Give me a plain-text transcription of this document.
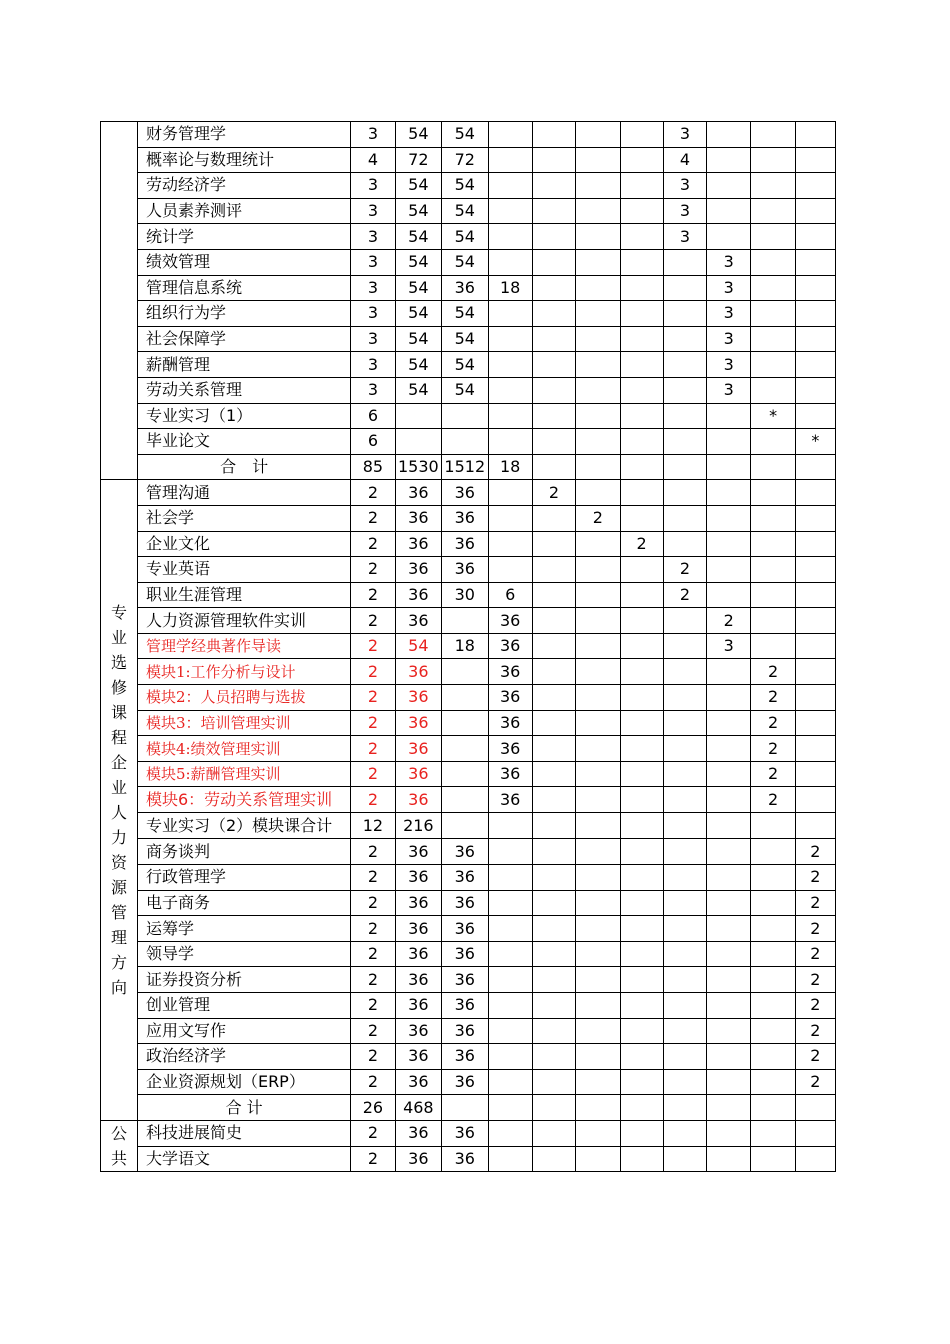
	财务管理学	3	54	54					3			
	概率论与数理统计	4	72	72					4			
	劳动经济学	3	54	54					3			
	人员素养测评	3	54	54					3			
	统计学	3	54	54					3			
	绩效管理	3	54	54						3		
	管理信息系统	3	54	36	18					3		
	组织行为学	3	54	54						3		
	社会保障学	3	54	54						3		
	薪酬管理	3	54	54						3		
	劳动关系管理	3	54	54						3		
	专业实习（1）	6									*	
	毕业论文	6										*
	合　计	85	1530	1512	18							

专业选修课程企业人力资源管理方向	管理沟通	2	36	36		2						
	社会学	2	36	36			2					
	企业文化	2	36	36				2				
	专业英语	2	36	36					2			
	职业生涯管理	2	36	30	6				2			
	人力资源管理软件实训	2	36		36					2		
	管理学经典著作导读	2	54	18	36					3		
	模块1:工作分析与设计	2	36		36						2	
	模块2：人员招聘与选拔	2	36		36						2	
	模块3：培训管理实训	2	36		36						2	
	模块4:绩效管理实训	2	36		36						2	
	模块5:薪酬管理实训	2	36		36						2	
	模块6：劳动关系管理实训	2	36		36						2	
	专业实习（2）模块课合计	12	216									
	商务谈判	2	36	36								2
	行政管理学	2	36	36								2
	电子商务	2	36	36								2
	运筹学	2	36	36								2
	领导学	2	36	36								2
	证券投资分析	2	36	36								2
	创业管理	2	36	36								2
	应用文写作	2	36	36								2
	政治经济学	2	36	36								2
	企业资源规划（ERP）	2	36	36								2
	合 计	26	468									

公共	科技进展简史	2	36	36								
	大学语文	2	36	36								
